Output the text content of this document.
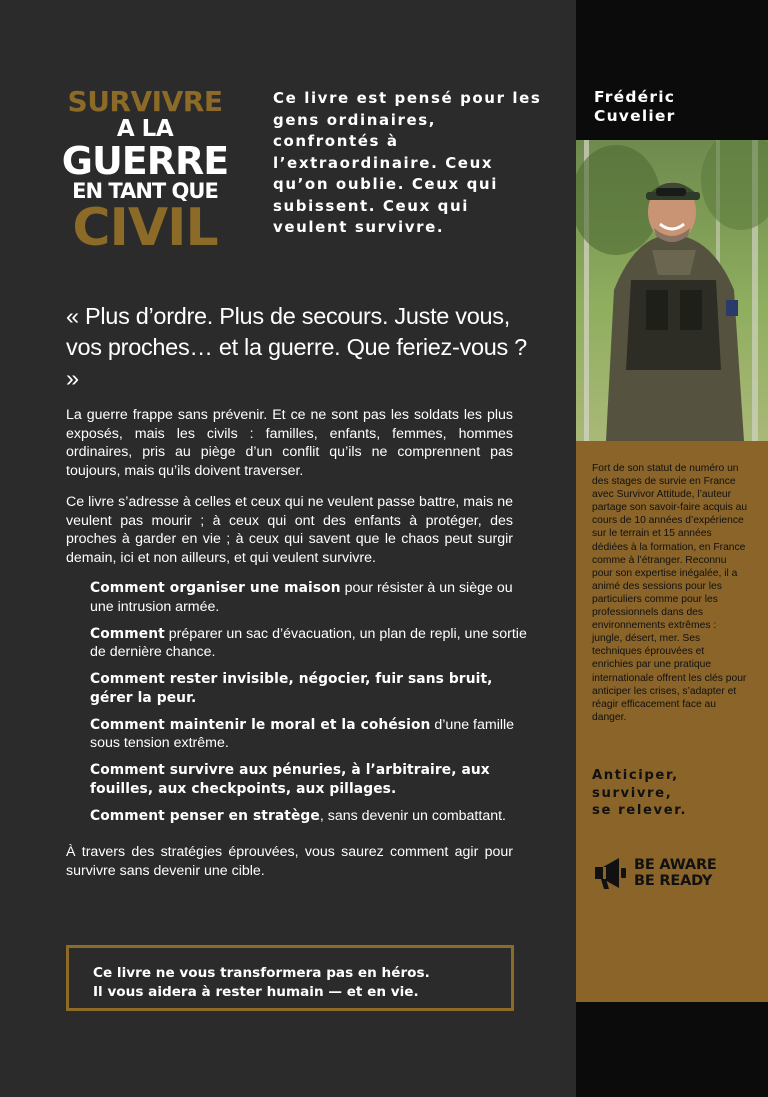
SURVIVRE
A LA
GUERRE
EN TANT QUE
CIVIL

Ce livre est pensé pour les gens ordinaires, confrontés à l’extraordinaire. Ceux qu’on oublie. Ceux qui subissent. Ceux qui veulent survivre.

« Plus d’ordre. Plus de secours. Juste vous, vos proches… et la guerre. Que feriez-vous ? »

La guerre frappe sans prévenir. Et ce ne sont pas les soldats les plus exposés, mais les civils : familles, enfants, femmes, hommes ordinaires, pris au piège d’un conflit qu’ils ne comprennent pas toujours, mais qu’ils doivent traverser.

Ce livre s’adresse à celles et ceux qui ne veulent passe battre, mais ne veulent pas mourir ; à ceux qui ont des enfants à protéger, des proches à garder en vie ; à ceux qui savent que le chaos peut surgir demain, ici et non ailleurs, et qui veulent survivre.

Comment organiser une maison pour résister à un siège ou une intrusion armée.
Comment préparer un sac d’évacuation, un plan de repli, une sortie de dernière chance.
Comment rester invisible, négocier, fuir sans bruit, gérer la peur.
Comment maintenir le moral et la cohésion d’une famille sous tension extrême.
Comment survivre aux pénuries, à l’arbitraire, aux fouilles, aux checkpoints, aux pillages.
Comment penser en stratège, sans devenir un combattant.

À travers des stratégies éprouvées, vous saurez comment agir pour survivre sans devenir une cible.

Ce livre ne vous transformera pas en héros.
Il vous aidera à rester humain — et en vie.

Frédéric
Cuvelier

Fort de son statut de numéro un des stages de survie en France avec Survivor Attitude, l’auteur partage son savoir-faire acquis au cours de 10 années d’expérience sur le terrain et 15 années dédiées à la formation, en France comme à l’étranger. Reconnu pour son expertise inégalée, il a animé des sessions pour les particuliers comme pour les professionnels dans des environnements extrêmes : jungle, désert, mer. Ses techniques éprouvées et enrichies par une pratique internationale offrent les clés pour anticiper les crises, s’adapter et réagir efficacement face au danger.

Anticiper,
survivre,
se relever.

BE AWARE
BE READY
